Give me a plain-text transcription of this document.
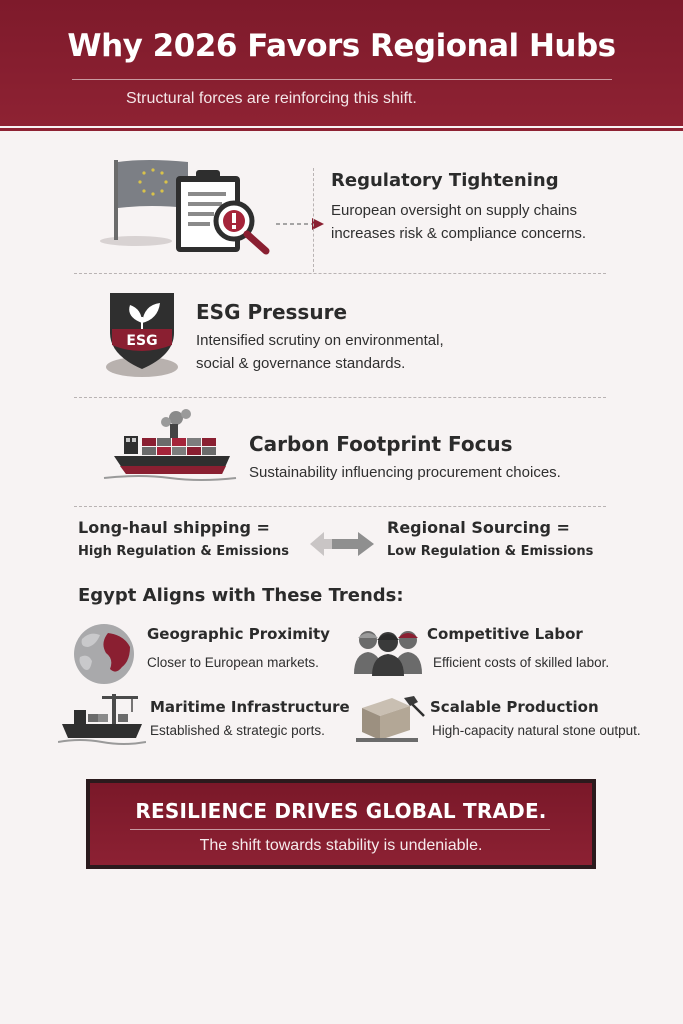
Why 2026 Favors Regional Hubs
Structural forces are reinforcing this shift.
Regulatory Tightening
European oversight on supply chains
increases risk & compliance concerns.
ESG
ESG Pressure
Intensified scrutiny on environmental,
social & governance standards.
Carbon Footprint Focus
Sustainability influencing procurement choices.
Long-haul shipping =
High Regulation & Emissions
Regional Sourcing =
Low Regulation & Emissions
Egypt Aligns with These Trends:
Geographic Proximity
Closer to European markets.
Competitive Labor
Efficient costs of skilled labor.
Maritime Infrastructure
Established & strategic ports.
Scalable Production
High-capacity natural stone output.
RESILIENCE DRIVES GLOBAL TRADE.
The shift towards stability is undeniable.
